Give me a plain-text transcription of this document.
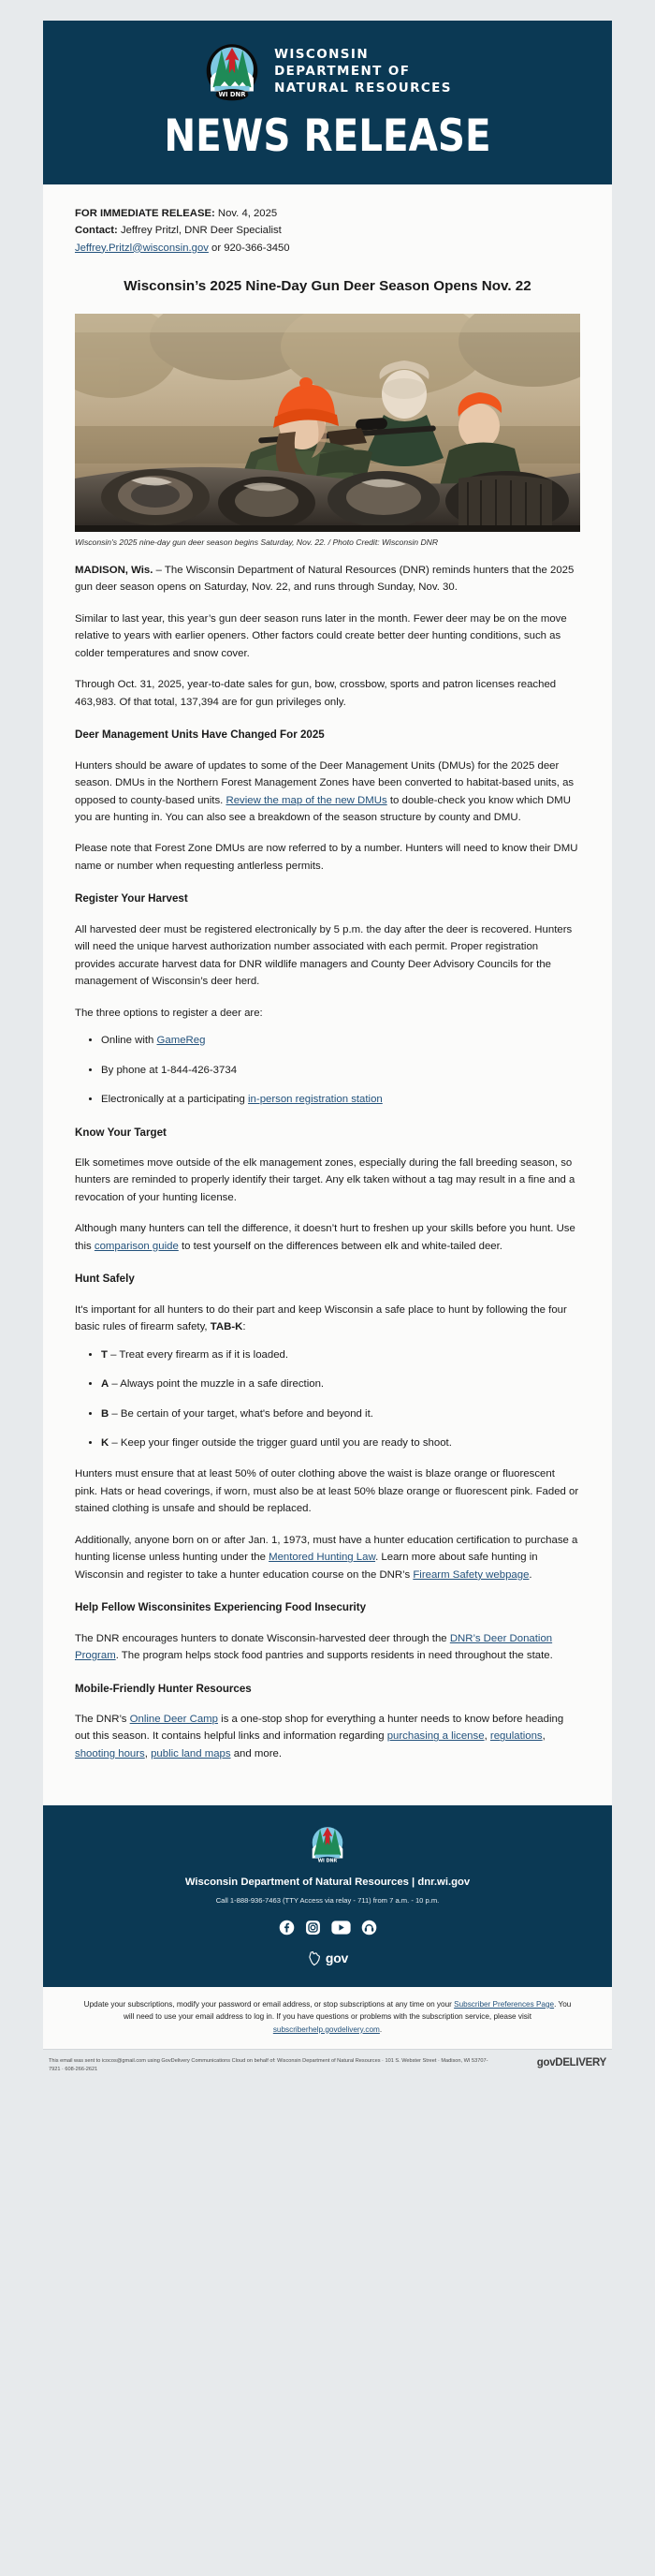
WI DNR
WISCONSIN
DEPARTMENT OF
NATURAL RESOURCES
NEWS RELEASE
FOR IMMEDIATE RELEASE: Nov. 4, 2025
Contact: Jeffrey Pritzl, DNR Deer Specialist
Jeffrey.Pritzl@wisconsin.gov or 920-366-3450
Wisconsin’s 2025 Nine-Day Gun Deer Season Opens Nov. 22
Wisconsin's 2025 nine-day gun deer season begins Saturday, Nov. 22. / Photo Credit: Wisconsin DNR

MADISON, Wis. – The Wisconsin Department of Natural Resources (DNR) reminds hunters that the 2025 gun deer season opens on Saturday, Nov. 22, and runs through Sunday, Nov. 30.

Similar to last year, this year’s gun deer season runs later in the month. Fewer deer may be on the move relative to years with earlier openers. Other factors could create better deer hunting conditions, such as colder temperatures and snow cover.

Through Oct. 31, 2025, year-to-date sales for gun, bow, crossbow, sports and patron licenses reached 463,983. Of that total, 137,394 are for gun privileges only.

Deer Management Units Have Changed For 2025

Hunters should be aware of updates to some of the Deer Management Units (DMUs) for the 2025 deer season. DMUs in the Northern Forest Management Zones have been converted to habitat-based units, as opposed to county-based units. Review the map of the new DMUs to double-check you know which DMU you are hunting in. You can also see a breakdown of the season structure by county and DMU.

Please note that Forest Zone DMUs are now referred to by a number. Hunters will need to know their DMU name or number when requesting antlerless permits.

Register Your Harvest

All harvested deer must be registered electronically by 5 p.m. the day after the deer is recovered. Hunters will need the unique harvest authorization number associated with each permit. Proper registration provides accurate harvest data for DNR wildlife managers and County Deer Advisory Councils for the management of Wisconsin’s deer herd.

The three options to register a deer are:

• Online with GameReg
• By phone at 1-844-426-3734
• Electronically at a participating in-person registration station
Know Your Target

Elk sometimes move outside of the elk management zones, especially during the fall breeding season, so hunters are reminded to properly identify their target. Any elk taken without a tag may result in a fine and a revocation of your hunting license.

Although many hunters can tell the difference, it doesn’t hurt to freshen up your skills before you hunt. Use this comparison guide to test yourself on the differences between elk and white-tailed deer.

Hunt Safely

It's important for all hunters to do their part and keep Wisconsin a safe place to hunt by following the four basic rules of firearm safety, TAB-K:

• T – Treat every firearm as if it is loaded.
• A – Always point the muzzle in a safe direction.
• B – Be certain of your target, what's before and beyond it.
• K – Keep your finger outside the trigger guard until you are ready to shoot.

Hunters must ensure that at least 50% of outer clothing above the waist is blaze orange or fluorescent pink. Hats or head coverings, if worn, must also be at least 50% blaze orange or fluorescent pink. Faded or stained clothing is unsafe and should be replaced.

Additionally, anyone born on or after Jan. 1, 1973, must have a hunter education certification to purchase a hunting license unless hunting under the Mentored Hunting Law. Learn more about safe hunting in Wisconsin and register to take a hunter education course on the DNR’s Firearm Safety webpage.

Help Fellow Wisconsinites Experiencing Food Insecurity

The DNR encourages hunters to donate Wisconsin-harvested deer through the DNR’s Deer Donation Program. The program helps stock food pantries and supports residents in need throughout the state.

Mobile-Friendly Hunter Resources

The DNR’s Online Deer Camp is a one-stop shop for everything a hunter needs to know before heading out this season. It contains helpful links and information regarding purchasing a license, regulations, shooting hours, public land maps and more.

WI DNR
Wisconsin Department of Natural Resources | dnr.wi.gov
Call 1-888-936-7463 (TTY Access via relay - 711) from 7 a.m. - 10 p.m.
gov
Update your subscriptions, modify your password or email address, or stop subscriptions at any time on your Subscriber Preferences Page. You will need to use your email address to log in. If you have questions or problems with the subscription service, please visit subscriberhelp.govdelivery.com.
This email was sent to icocos@gmail.com using GovDelivery Communications Cloud on behalf of: Wisconsin Department of Natural Resources · 101 S. Webster Street · Madison, WI 53707-7921 · 608-266-2621
govDELIVERY
